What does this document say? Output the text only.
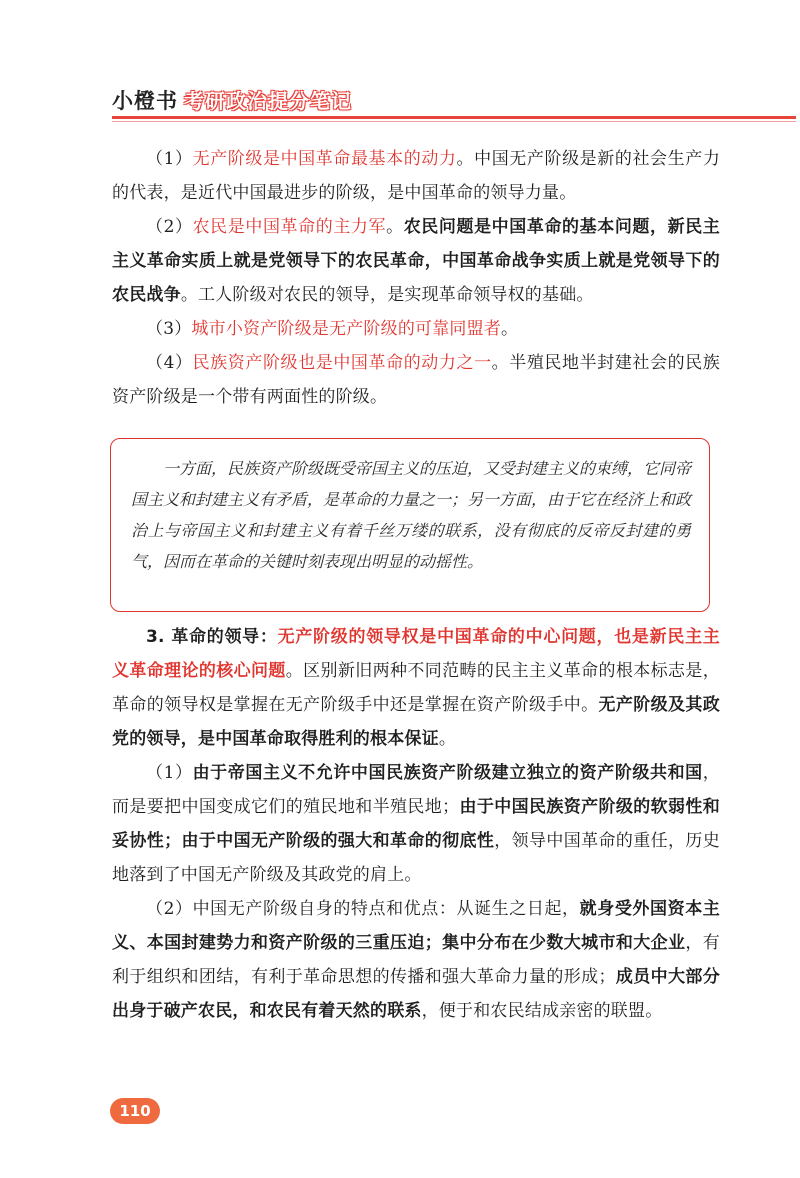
小橙书 考研政治提分笔记

（1）无产阶级是中国革命最基本的动力。中国无产阶级是新的社会生产力的代表，是近代中国最进步的阶级，是中国革命的领导力量。

（2）农民是中国革命的主力军。农民问题是中国革命的基本问题，新民主主义革命实质上就是党领导下的农民革命，中国革命战争实质上就是党领导下的农民战争。工人阶级对农民的领导，是实现革命领导权的基础。

（3）城市小资产阶级是无产阶级的可靠同盟者。

（4）民族资产阶级也是中国革命的动力之一。半殖民地半封建社会的民族资产阶级是一个带有两面性的阶级。

一方面，民族资产阶级既受帝国主义的压迫，又受封建主义的束缚，它同帝国主义和封建主义有矛盾，是革命的力量之一；另一方面，由于它在经济上和政治上与帝国主义和封建主义有着千丝万缕的联系，没有彻底的反帝反封建的勇气，因而在革命的关键时刻表现出明显的动摇性。

3. 革命的领导：无产阶级的领导权是中国革命的中心问题，也是新民主主义革命理论的核心问题。区别新旧两种不同范畴的民主主义革命的根本标志是，革命的领导权是掌握在无产阶级手中还是掌握在资产阶级手中。无产阶级及其政党的领导，是中国革命取得胜利的根本保证。

（1）由于帝国主义不允许中国民族资产阶级建立独立的资产阶级共和国，而是要把中国变成它们的殖民地和半殖民地；由于中国民族资产阶级的软弱性和妥协性；由于中国无产阶级的强大和革命的彻底性，领导中国革命的重任，历史地落到了中国无产阶级及其政党的肩上。

（2）中国无产阶级自身的特点和优点：从诞生之日起，就身受外国资本主义、本国封建势力和资产阶级的三重压迫；集中分布在少数大城市和大企业，有利于组织和团结，有利于革命思想的传播和强大革命力量的形成；成员中大部分出身于破产农民，和农民有着天然的联系，便于和农民结成亲密的联盟。

110
